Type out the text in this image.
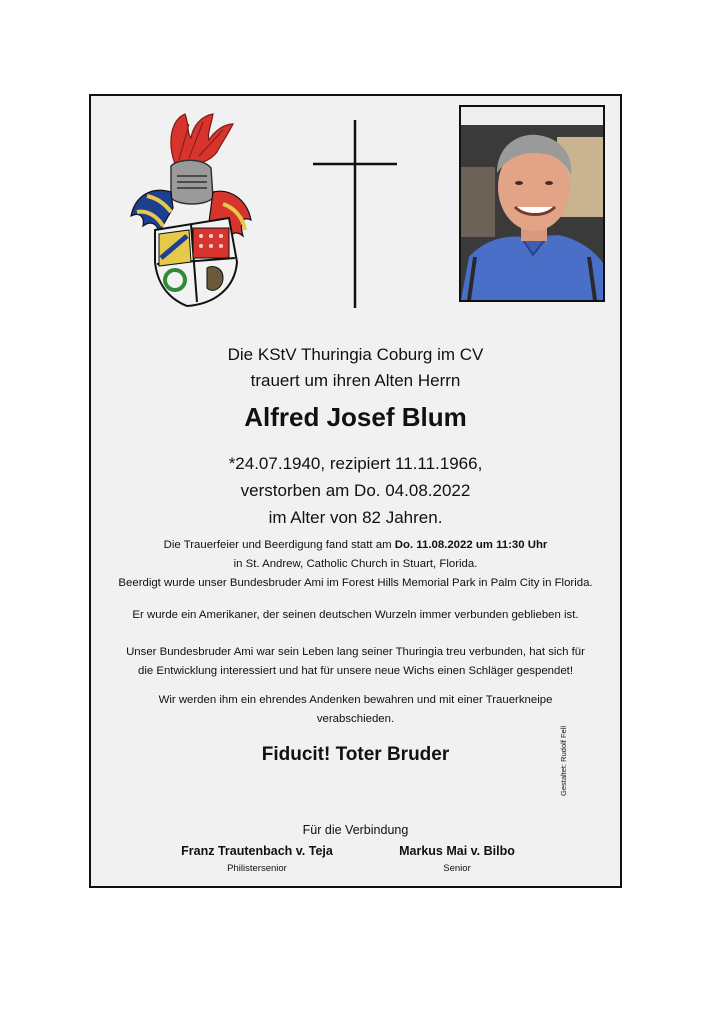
Die KStV Thuringia Coburg im CV
trauert um ihren Alten Herrn
Alfred Josef Blum
*24.07.1940, rezipiert 11.11.1966,
verstorben am Do. 04.08.2022
im Alter von 82 Jahren.
Die Trauerfeier und Beerdigung fand statt am Do. 11.08.2022 um 11:30 Uhr
in St. Andrew, Catholic Church in Stuart, Florida.
Beerdigt wurde unser Bundesbruder Ami im Forest Hills Memorial Park in Palm City in Florida.
Er wurde ein Amerikaner, der seinen deutschen Wurzeln immer verbunden geblieben ist.
Unser Bundesbruder Ami war sein Leben lang seiner Thuringia treu verbunden, hat sich für
die Entwicklung interessiert und hat für unsere neue Wichs einen Schläger gespendet!
Wir werden ihm ein ehrendes Andenken bewahren und mit einer Trauerkneipe
verabschieden.
Fiducit! Toter Bruder	Gestaltet: Rudolf Fell
Für die Verbindung
Franz Trautenbach v. Teja
Philistersenior
Markus Mai v. Bilbo
Senior
